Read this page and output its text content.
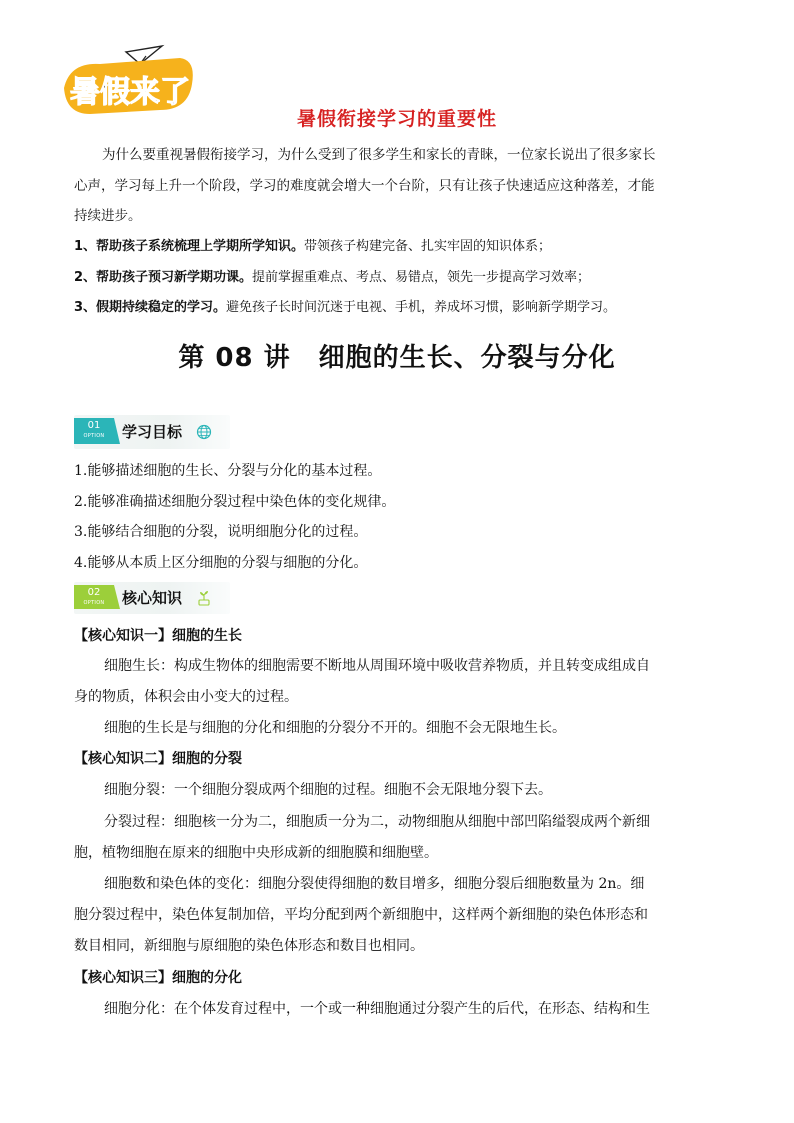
暑假来了
暑假衔接学习的重要性
为什么要重视暑假衔接学习，为什么受到了很多学生和家长的青睐，一位家长说出了很多家长
心声，学习每上升一个阶段，学习的难度就会增大一个台阶，只有让孩子快速适应这种落差，才能
持续进步。
1、帮助孩子系统梳理上学期所学知识。带领孩子构建完备、扎实牢固的知识体系；
2、帮助孩子预习新学期功课。提前掌握重难点、考点、易错点，领先一步提高学习效率；
3、假期持续稳定的学习。避免孩子长时间沉迷于电视、手机，养成坏习惯，影响新学期学习。
第 08 讲 细胞的生长、分裂与分化
01
OPTION	学习目标
1.能够描述细胞的生长、分裂与分化的基本过程。
2.能够准确描述细胞分裂过程中染色体的变化规律。
3.能够结合细胞的分裂，说明细胞分化的过程。
4.能够从本质上区分细胞的分裂与细胞的分化。
02
OPTION	核心知识
【核心知识一】细胞的生长
细胞生长：构成生物体的细胞需要不断地从周围环境中吸收营养物质，并且转变成组成自
身的物质，体积会由小变大的过程。
细胞的生长是与细胞的分化和细胞的分裂分不开的。细胞不会无限地生长。
【核心知识二】细胞的分裂
细胞分裂：一个细胞分裂成两个细胞的过程。细胞不会无限地分裂下去。
分裂过程：细胞核一分为二，细胞质一分为二，动物细胞从细胞中部凹陷缢裂成两个新细
胞，植物细胞在原来的细胞中央形成新的细胞膜和细胞壁。
细胞数和染色体的变化：细胞分裂使得细胞的数目增多，细胞分裂后细胞数量为 2n。细
胞分裂过程中，染色体复制加倍，平均分配到两个新细胞中，这样两个新细胞的染色体形态和
数目相同，新细胞与原细胞的染色体形态和数目也相同。
【核心知识三】细胞的分化
细胞分化：在个体发育过程中，一个或一种细胞通过分裂产生的后代，在形态、结构和生
